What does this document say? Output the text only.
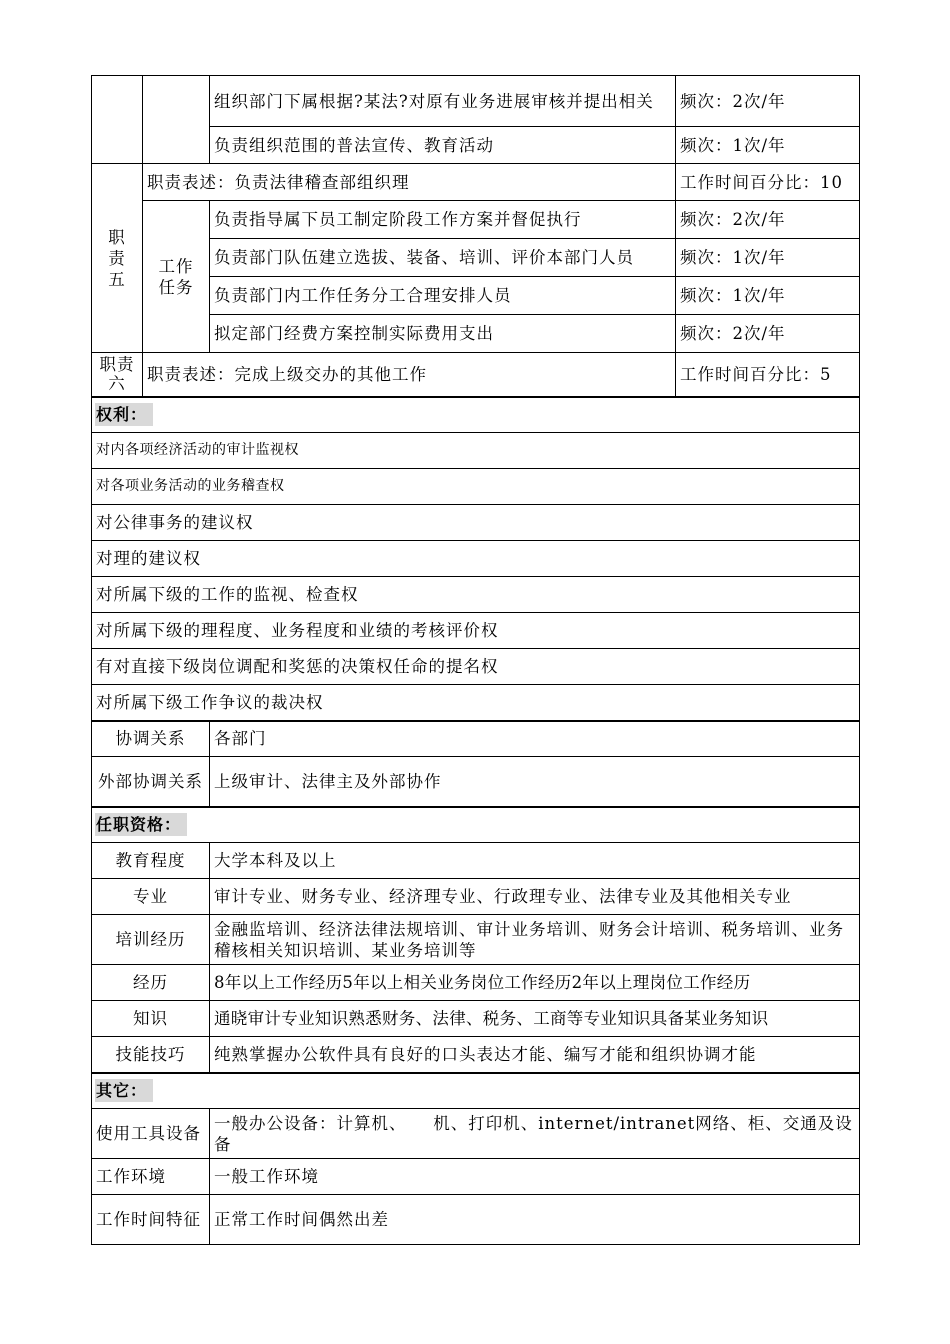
		组织部门下属根据?某法?对原有业务进展审核并提出相关	频次：2次/年
		负责组织范围的普法宣传、教育活动	频次：1次/年
职
责
五	职责表述：负责法律稽查部组织理		工作时间百分比：10
	工作
任务	负责指导属下员工制定阶段工作方案并督促执行	频次：2次/年
		负责部门队伍建立选拔、装备、培训、评价本部门人员	频次：1次/年
		负责部门内工作任务分工合理安排人员	频次：1次/年
		拟定部门经费方案控制实际费用支出	频次：2次/年
职责
六	职责表述：完成上级交办的其他工作		工作时间百分比：5
权利：			
对内各项经济活动的审计监视权			
对各项业务活动的业务稽查权			
对公律事务的建议权			
对理的建议权			
对所属下级的工作的监视、检查权			
对所属下级的理程度、业务程度和业绩的考核评价权			
有对直接下级岗位调配和奖惩的决策权任命的提名权			
对所属下级工作争议的裁决权			
协调关系		各部门	
外部协调关系		上级审计、法律主及外部协作	
任职资格：			
教育程度		大学本科及以上	
专业		审计专业、财务专业、经济理专业、行政理专业、法律专业及其他相关专业	
培训经历		金融监培训、经济法律法规培训、审计业务培训、财务会计培训、税务培训、业务稽核相关知识培训、某业务培训等	
经历		8年以上工作经历5年以上相关业务岗位工作经历2年以上理岗位工作经历	
知识		通晓审计专业知识熟悉财务、法律、税务、工商等专业知识具备某业务知识	
技能技巧		纯熟掌握办公软件具有良好的口头表达才能、编写才能和组织协调才能	
其它：			
使用工具设备		一般办公设备：计算机、　　机、打印机、internet/intranet网络、柜、交通及设备	
工作环境		一般工作环境	
工作时间特征		正常工作时间偶然出差	
